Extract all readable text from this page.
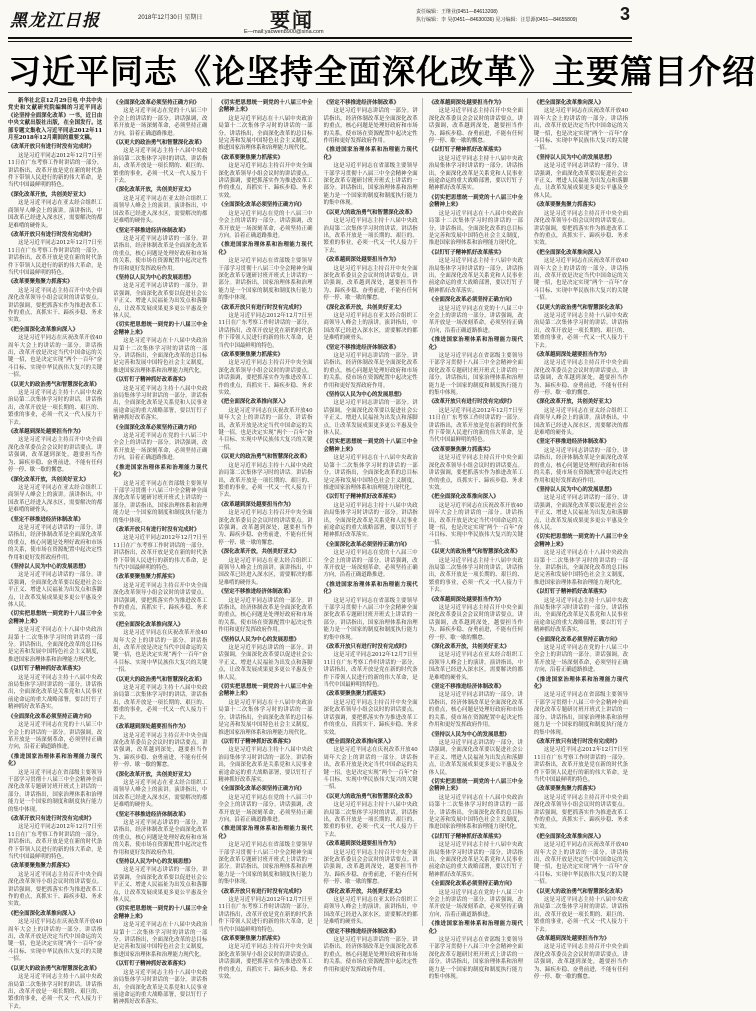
黑龙江日报	2018年12月30日 星期日	要闻
E—mail:yaowen8900@sina.com
责任编辑：王继业(0451—84613208)
执行编辑：李 昊(0451—84630036) 见习编辑：汪思源(0451—84655809)	3
习近平同志《论坚持全面深化改革》主要篇目介绍

新华社北京12月29日电 中共中央党史和文献研究院编辑的习近平同志《论坚持全面深化改革》一书，近日由中央文献出版社出版，在全国发行。这部专题文集收入习近平同志2012年11月至2018年12月期间的重要文稿。

《改革开放只有进行时没有完成时》

这是习近平同志2012年12月7日至11日在广东考察工作时讲话的一部分。讲话指出，改革开放是党在新的时代条件下带领人民进行的新的伟大革命，是当代中国最鲜明的特色。

《深化改革开放，共创美好亚太》

这是习近平同志在亚太经合组织工商领导人峰会上的演讲。演讲指出，中国改革已经进入深水区，需要解决的都是难啃的硬骨头。

《改革开放只有进行时没有完成时》

这是习近平同志2012年12月7日至11日在广东考察工作时讲话的一部分。讲话指出，改革开放是党在新的时代条件下带领人民进行的新的伟大革命，是当代中国最鲜明的特色。

《改革要聚焦聚力抓落实》

这是习近平同志主持召开中央全面深化改革领导小组会议时的讲话要点。讲话强调，要把抓落实作为推进改革工作的重点，真抓实干、蹄疾步稳、务求实效。

《把全面深化改革推向深入》

这是习近平同志在庆祝改革开放40周年大会上的讲话的一部分。讲话指出，改革开放是决定当代中国命运的关键一招，也是决定实现“两个一百年”奋斗目标、实现中华民族伟大复兴的关键一招。

《以更大的政治勇气和智慧深化改革》

这是习近平同志主持十八届中央政治局第二次集体学习时的讲话。讲话指出，改革开放是一项长期的、艰巨的、繁重的事业，必须一代又一代人接力干下去。

《改革越到深处越要担当作为》

这是习近平同志主持召开中央全面深化改革委员会会议时的讲话要点。讲话强调，改革越到深处，越要担当作为、蹄疾步稳、奋勇前进，不能有任何停一停、歇一歇的懈怠。

《深化改革开放，共创美好亚太》

这是习近平同志在亚太经合组织工商领导人峰会上的演讲。演讲指出，中国改革已经进入深水区，需要解决的都是难啃的硬骨头。

《坚定不移推进经济体制改革》

这是习近平同志讲话的一部分。讲话指出，经济体制改革是全面深化改革的重点，核心问题是处理好政府和市场的关系，使市场在资源配置中起决定性作用和更好发挥政府作用。

《坚持以人民为中心的发展思想》

这是习近平同志讲话的一部分。讲话强调，全面深化改革要以促进社会公平正义、增进人民福祉为出发点和落脚点，让改革发展成果更多更公平惠及全体人民。

《切实把思想统一到党的十八届三中全会精神上来》

这是习近平同志在十八届中央政治局第十二次集体学习时的讲话的一部分。讲话指出，全面深化改革的总目标是完善和发展中国特色社会主义制度，推进国家治理体系和治理能力现代化。

《以钉钉子精神抓好改革落实》

这是习近平同志主持十八届中央政治局集体学习时讲话的一部分。讲话指出，全面深化改革是关系党和人民事业前途命运的重大战略部署，要以钉钉子精神抓好改革落实。

《全面深化改革必须坚持正确方向》

这是习近平同志在党的十八届三中全会上的讲话的一部分。讲话强调，改革开放是一场深刻革命，必须坚持正确方向，沿着正确道路推进。

《推进国家治理体系和治理能力现代化》

这是习近平同志在省部级主要领导干部学习贯彻十八届三中全会精神全面深化改革专题研讨班开班式上讲话的一部分。讲话指出，国家治理体系和治理能力是一个国家的制度和制度执行能力的集中体现。

《改革开放只有进行时没有完成时》

这是习近平同志2012年12月7日至11日在广东考察工作时讲话的一部分。讲话指出，改革开放是党在新的时代条件下带领人民进行的新的伟大革命，是当代中国最鲜明的特色。

《改革要聚焦聚力抓落实》

这是习近平同志主持召开中央全面深化改革领导小组会议时的讲话要点。讲话强调，要把抓落实作为推进改革工作的重点，真抓实干、蹄疾步稳、务求实效。

《把全面深化改革推向深入》

这是习近平同志在庆祝改革开放40周年大会上的讲话的一部分。讲话指出，改革开放是决定当代中国命运的关键一招，也是决定实现“两个一百年”奋斗目标、实现中华民族伟大复兴的关键一招。

《以更大的政治勇气和智慧深化改革》

这是习近平同志主持十八届中央政治局第二次集体学习时的讲话。讲话指出，改革开放是一项长期的、艰巨的、繁重的事业，必须一代又一代人接力干下去。

《全面深化改革必须坚持正确方向》

这是习近平同志在党的十八届三中全会上的讲话的一部分。讲话强调，改革开放是一场深刻革命，必须坚持正确方向，沿着正确道路推进。

《以更大的政治勇气和智慧深化改革》

这是习近平同志主持十八届中央政治局第二次集体学习时的讲话。讲话指出，改革开放是一项长期的、艰巨的、繁重的事业，必须一代又一代人接力干下去。

《深化改革开放，共创美好亚太》

这是习近平同志在亚太经合组织工商领导人峰会上的演讲。演讲指出，中国改革已经进入深水区，需要解决的都是难啃的硬骨头。

《坚定不移推进经济体制改革》

这是习近平同志讲话的一部分。讲话指出，经济体制改革是全面深化改革的重点，核心问题是处理好政府和市场的关系，使市场在资源配置中起决定性作用和更好发挥政府作用。

《坚持以人民为中心的发展思想》

这是习近平同志讲话的一部分。讲话强调，全面深化改革要以促进社会公平正义、增进人民福祉为出发点和落脚点，让改革发展成果更多更公平惠及全体人民。

《切实把思想统一到党的十八届三中全会精神上来》

这是习近平同志在十八届中央政治局第十二次集体学习时的讲话的一部分。讲话指出，全面深化改革的总目标是完善和发展中国特色社会主义制度，推进国家治理体系和治理能力现代化。

《以钉钉子精神抓好改革落实》

这是习近平同志主持十八届中央政治局集体学习时讲话的一部分。讲话指出，全面深化改革是关系党和人民事业前途命运的重大战略部署，要以钉钉子精神抓好改革落实。

《全面深化改革必须坚持正确方向》

这是习近平同志在党的十八届三中全会上的讲话的一部分。讲话强调，改革开放是一场深刻革命，必须坚持正确方向，沿着正确道路推进。

《推进国家治理体系和治理能力现代化》

这是习近平同志在省部级主要领导干部学习贯彻十八届三中全会精神全面深化改革专题研讨班开班式上讲话的一部分。讲话指出，国家治理体系和治理能力是一个国家的制度和制度执行能力的集中体现。

《改革开放只有进行时没有完成时》

这是习近平同志2012年12月7日至11日在广东考察工作时讲话的一部分。讲话指出，改革开放是党在新的时代条件下带领人民进行的新的伟大革命，是当代中国最鲜明的特色。

《改革要聚焦聚力抓落实》

这是习近平同志主持召开中央全面深化改革领导小组会议时的讲话要点。讲话强调，要把抓落实作为推进改革工作的重点，真抓实干、蹄疾步稳、务求实效。

《把全面深化改革推向深入》

这是习近平同志在庆祝改革开放40周年大会上的讲话的一部分。讲话指出，改革开放是决定当代中国命运的关键一招，也是决定实现“两个一百年”奋斗目标、实现中华民族伟大复兴的关键一招。

《以更大的政治勇气和智慧深化改革》

这是习近平同志主持十八届中央政治局第二次集体学习时的讲话。讲话指出，改革开放是一项长期的、艰巨的、繁重的事业，必须一代又一代人接力干下去。

《改革越到深处越要担当作为》

这是习近平同志主持召开中央全面深化改革委员会会议时的讲话要点。讲话强调，改革越到深处，越要担当作为、蹄疾步稳、奋勇前进，不能有任何停一停、歇一歇的懈怠。

《深化改革开放，共创美好亚太》

这是习近平同志在亚太经合组织工商领导人峰会上的演讲。演讲指出，中国改革已经进入深水区，需要解决的都是难啃的硬骨头。

《坚定不移推进经济体制改革》

这是习近平同志讲话的一部分。讲话指出，经济体制改革是全面深化改革的重点，核心问题是处理好政府和市场的关系，使市场在资源配置中起决定性作用和更好发挥政府作用。

《坚持以人民为中心的发展思想》

这是习近平同志讲话的一部分。讲话强调，全面深化改革要以促进社会公平正义、增进人民福祉为出发点和落脚点，让改革发展成果更多更公平惠及全体人民。

《切实把思想统一到党的十八届三中全会精神上来》

这是习近平同志在十八届中央政治局第十二次集体学习时的讲话的一部分。讲话指出，全面深化改革的总目标是完善和发展中国特色社会主义制度，推进国家治理体系和治理能力现代化。

《以钉钉子精神抓好改革落实》

这是习近平同志主持十八届中央政治局集体学习时讲话的一部分。讲话指出，全面深化改革是关系党和人民事业前途命运的重大战略部署，要以钉钉子精神抓好改革落实。

《切实把思想统一到党的十八届三中全会精神上来》

这是习近平同志在十八届中央政治局第十二次集体学习时的讲话的一部分。讲话指出，全面深化改革的总目标是完善和发展中国特色社会主义制度，推进国家治理体系和治理能力现代化。

《改革要聚焦聚力抓落实》

这是习近平同志主持召开中央全面深化改革领导小组会议时的讲话要点。讲话强调，要把抓落实作为推进改革工作的重点，真抓实干、蹄疾步稳、务求实效。

《全面深化改革必须坚持正确方向》

这是习近平同志在党的十八届三中全会上的讲话的一部分。讲话强调，改革开放是一场深刻革命，必须坚持正确方向，沿着正确道路推进。

《推进国家治理体系和治理能力现代化》

这是习近平同志在省部级主要领导干部学习贯彻十八届三中全会精神全面深化改革专题研讨班开班式上讲话的一部分。讲话指出，国家治理体系和治理能力是一个国家的制度和制度执行能力的集中体现。

《改革开放只有进行时没有完成时》

这是习近平同志2012年12月7日至11日在广东考察工作时讲话的一部分。讲话指出，改革开放是党在新的时代条件下带领人民进行的新的伟大革命，是当代中国最鲜明的特色。

《改革要聚焦聚力抓落实》

这是习近平同志主持召开中央全面深化改革领导小组会议时的讲话要点。讲话强调，要把抓落实作为推进改革工作的重点，真抓实干、蹄疾步稳、务求实效。

《把全面深化改革推向深入》

这是习近平同志在庆祝改革开放40周年大会上的讲话的一部分。讲话指出，改革开放是决定当代中国命运的关键一招，也是决定实现“两个一百年”奋斗目标、实现中华民族伟大复兴的关键一招。

《以更大的政治勇气和智慧深化改革》

这是习近平同志主持十八届中央政治局第二次集体学习时的讲话。讲话指出，改革开放是一项长期的、艰巨的、繁重的事业，必须一代又一代人接力干下去。

《改革越到深处越要担当作为》

这是习近平同志主持召开中央全面深化改革委员会会议时的讲话要点。讲话强调，改革越到深处，越要担当作为、蹄疾步稳、奋勇前进，不能有任何停一停、歇一歇的懈怠。

《深化改革开放，共创美好亚太》

这是习近平同志在亚太经合组织工商领导人峰会上的演讲。演讲指出，中国改革已经进入深水区，需要解决的都是难啃的硬骨头。

《坚定不移推进经济体制改革》

这是习近平同志讲话的一部分。讲话指出，经济体制改革是全面深化改革的重点，核心问题是处理好政府和市场的关系，使市场在资源配置中起决定性作用和更好发挥政府作用。

《坚持以人民为中心的发展思想》

这是习近平同志讲话的一部分。讲话强调，全面深化改革要以促进社会公平正义、增进人民福祉为出发点和落脚点，让改革发展成果更多更公平惠及全体人民。

《切实把思想统一到党的十八届三中全会精神上来》

这是习近平同志在十八届中央政治局第十二次集体学习时的讲话的一部分。讲话指出，全面深化改革的总目标是完善和发展中国特色社会主义制度，推进国家治理体系和治理能力现代化。

《以钉钉子精神抓好改革落实》

这是习近平同志主持十八届中央政治局集体学习时讲话的一部分。讲话指出，全面深化改革是关系党和人民事业前途命运的重大战略部署，要以钉钉子精神抓好改革落实。

《全面深化改革必须坚持正确方向》

这是习近平同志在党的十八届三中全会上的讲话的一部分。讲话强调，改革开放是一场深刻革命，必须坚持正确方向，沿着正确道路推进。

《推进国家治理体系和治理能力现代化》

这是习近平同志在省部级主要领导干部学习贯彻十八届三中全会精神全面深化改革专题研讨班开班式上讲话的一部分。讲话指出，国家治理体系和治理能力是一个国家的制度和制度执行能力的集中体现。

《改革开放只有进行时没有完成时》

这是习近平同志2012年12月7日至11日在广东考察工作时讲话的一部分。讲话指出，改革开放是党在新的时代条件下带领人民进行的新的伟大革命，是当代中国最鲜明的特色。

《改革要聚焦聚力抓落实》

这是习近平同志主持召开中央全面深化改革领导小组会议时的讲话要点。讲话强调，要把抓落实作为推进改革工作的重点，真抓实干、蹄疾步稳、务求实效。

《坚定不移推进经济体制改革》

这是习近平同志讲话的一部分。讲话指出，经济体制改革是全面深化改革的重点，核心问题是处理好政府和市场的关系，使市场在资源配置中起决定性作用和更好发挥政府作用。

《推进国家治理体系和治理能力现代化》

这是习近平同志在省部级主要领导干部学习贯彻十八届三中全会精神全面深化改革专题研讨班开班式上讲话的一部分。讲话指出，国家治理体系和治理能力是一个国家的制度和制度执行能力的集中体现。

《以更大的政治勇气和智慧深化改革》

这是习近平同志主持十八届中央政治局第二次集体学习时的讲话。讲话指出，改革开放是一项长期的、艰巨的、繁重的事业，必须一代又一代人接力干下去。

《改革越到深处越要担当作为》

这是习近平同志主持召开中央全面深化改革委员会会议时的讲话要点。讲话强调，改革越到深处，越要担当作为、蹄疾步稳、奋勇前进，不能有任何停一停、歇一歇的懈怠。

《深化改革开放，共创美好亚太》

这是习近平同志在亚太经合组织工商领导人峰会上的演讲。演讲指出，中国改革已经进入深水区，需要解决的都是难啃的硬骨头。

《坚定不移推进经济体制改革》

这是习近平同志讲话的一部分。讲话指出，经济体制改革是全面深化改革的重点，核心问题是处理好政府和市场的关系，使市场在资源配置中起决定性作用和更好发挥政府作用。

《坚持以人民为中心的发展思想》

这是习近平同志讲话的一部分。讲话强调，全面深化改革要以促进社会公平正义、增进人民福祉为出发点和落脚点，让改革发展成果更多更公平惠及全体人民。

《切实把思想统一到党的十八届三中全会精神上来》

这是习近平同志在十八届中央政治局第十二次集体学习时的讲话的一部分。讲话指出，全面深化改革的总目标是完善和发展中国特色社会主义制度，推进国家治理体系和治理能力现代化。

《以钉钉子精神抓好改革落实》

这是习近平同志主持十八届中央政治局集体学习时讲话的一部分。讲话指出，全面深化改革是关系党和人民事业前途命运的重大战略部署，要以钉钉子精神抓好改革落实。

《全面深化改革必须坚持正确方向》

这是习近平同志在党的十八届三中全会上的讲话的一部分。讲话强调，改革开放是一场深刻革命，必须坚持正确方向，沿着正确道路推进。

《推进国家治理体系和治理能力现代化》

这是习近平同志在省部级主要领导干部学习贯彻十八届三中全会精神全面深化改革专题研讨班开班式上讲话的一部分。讲话指出，国家治理体系和治理能力是一个国家的制度和制度执行能力的集中体现。

《改革开放只有进行时没有完成时》

这是习近平同志2012年12月7日至11日在广东考察工作时讲话的一部分。讲话指出，改革开放是党在新的时代条件下带领人民进行的新的伟大革命，是当代中国最鲜明的特色。

《改革要聚焦聚力抓落实》

这是习近平同志主持召开中央全面深化改革领导小组会议时的讲话要点。讲话强调，要把抓落实作为推进改革工作的重点，真抓实干、蹄疾步稳、务求实效。

《把全面深化改革推向深入》

这是习近平同志在庆祝改革开放40周年大会上的讲话的一部分。讲话指出，改革开放是决定当代中国命运的关键一招，也是决定实现“两个一百年”奋斗目标、实现中华民族伟大复兴的关键一招。

《以更大的政治勇气和智慧深化改革》

这是习近平同志主持十八届中央政治局第二次集体学习时的讲话。讲话指出，改革开放是一项长期的、艰巨的、繁重的事业，必须一代又一代人接力干下去。

《改革越到深处越要担当作为》

这是习近平同志主持召开中央全面深化改革委员会会议时的讲话要点。讲话强调，改革越到深处，越要担当作为、蹄疾步稳、奋勇前进，不能有任何停一停、歇一歇的懈怠。

《深化改革开放，共创美好亚太》

这是习近平同志在亚太经合组织工商领导人峰会上的演讲。演讲指出，中国改革已经进入深水区，需要解决的都是难啃的硬骨头。

《坚定不移推进经济体制改革》

这是习近平同志讲话的一部分。讲话指出，经济体制改革是全面深化改革的重点，核心问题是处理好政府和市场的关系，使市场在资源配置中起决定性作用和更好发挥政府作用。

《改革越到深处越要担当作为》

这是习近平同志主持召开中央全面深化改革委员会会议时的讲话要点。讲话强调，改革越到深处，越要担当作为、蹄疾步稳、奋勇前进，不能有任何停一停、歇一歇的懈怠。

《以钉钉子精神抓好改革落实》

这是习近平同志主持十八届中央政治局集体学习时讲话的一部分。讲话指出，全面深化改革是关系党和人民事业前途命运的重大战略部署，要以钉钉子精神抓好改革落实。

《切实把思想统一到党的十八届三中全会精神上来》

这是习近平同志在十八届中央政治局第十二次集体学习时的讲话的一部分。讲话指出，全面深化改革的总目标是完善和发展中国特色社会主义制度，推进国家治理体系和治理能力现代化。

《以钉钉子精神抓好改革落实》

这是习近平同志主持十八届中央政治局集体学习时讲话的一部分。讲话指出，全面深化改革是关系党和人民事业前途命运的重大战略部署，要以钉钉子精神抓好改革落实。

《全面深化改革必须坚持正确方向》

这是习近平同志在党的十八届三中全会上的讲话的一部分。讲话强调，改革开放是一场深刻革命，必须坚持正确方向，沿着正确道路推进。

《推进国家治理体系和治理能力现代化》

这是习近平同志在省部级主要领导干部学习贯彻十八届三中全会精神全面深化改革专题研讨班开班式上讲话的一部分。讲话指出，国家治理体系和治理能力是一个国家的制度和制度执行能力的集中体现。

《改革开放只有进行时没有完成时》

这是习近平同志2012年12月7日至11日在广东考察工作时讲话的一部分。讲话指出，改革开放是党在新的时代条件下带领人民进行的新的伟大革命，是当代中国最鲜明的特色。

《改革要聚焦聚力抓落实》

这是习近平同志主持召开中央全面深化改革领导小组会议时的讲话要点。讲话强调，要把抓落实作为推进改革工作的重点，真抓实干、蹄疾步稳、务求实效。

《把全面深化改革推向深入》

这是习近平同志在庆祝改革开放40周年大会上的讲话的一部分。讲话指出，改革开放是决定当代中国命运的关键一招，也是决定实现“两个一百年”奋斗目标、实现中华民族伟大复兴的关键一招。

《以更大的政治勇气和智慧深化改革》

这是习近平同志主持十八届中央政治局第二次集体学习时的讲话。讲话指出，改革开放是一项长期的、艰巨的、繁重的事业，必须一代又一代人接力干下去。

《改革越到深处越要担当作为》

这是习近平同志主持召开中央全面深化改革委员会会议时的讲话要点。讲话强调，改革越到深处，越要担当作为、蹄疾步稳、奋勇前进，不能有任何停一停、歇一歇的懈怠。

《深化改革开放，共创美好亚太》

这是习近平同志在亚太经合组织工商领导人峰会上的演讲。演讲指出，中国改革已经进入深水区，需要解决的都是难啃的硬骨头。

《坚定不移推进经济体制改革》

这是习近平同志讲话的一部分。讲话指出，经济体制改革是全面深化改革的重点，核心问题是处理好政府和市场的关系，使市场在资源配置中起决定性作用和更好发挥政府作用。

《坚持以人民为中心的发展思想》

这是习近平同志讲话的一部分。讲话强调，全面深化改革要以促进社会公平正义、增进人民福祉为出发点和落脚点，让改革发展成果更多更公平惠及全体人民。

《切实把思想统一到党的十八届三中全会精神上来》

这是习近平同志在十八届中央政治局第十二次集体学习时的讲话的一部分。讲话指出，全面深化改革的总目标是完善和发展中国特色社会主义制度，推进国家治理体系和治理能力现代化。

《以钉钉子精神抓好改革落实》

这是习近平同志主持十八届中央政治局集体学习时讲话的一部分。讲话指出，全面深化改革是关系党和人民事业前途命运的重大战略部署，要以钉钉子精神抓好改革落实。

《全面深化改革必须坚持正确方向》

这是习近平同志在党的十八届三中全会上的讲话的一部分。讲话强调，改革开放是一场深刻革命，必须坚持正确方向，沿着正确道路推进。

《推进国家治理体系和治理能力现代化》

这是习近平同志在省部级主要领导干部学习贯彻十八届三中全会精神全面深化改革专题研讨班开班式上讲话的一部分。讲话指出，国家治理体系和治理能力是一个国家的制度和制度执行能力的集中体现。

《把全面深化改革推向深入》

这是习近平同志在庆祝改革开放40周年大会上的讲话的一部分。讲话指出，改革开放是决定当代中国命运的关键一招，也是决定实现“两个一百年”奋斗目标、实现中华民族伟大复兴的关键一招。

《坚持以人民为中心的发展思想》

这是习近平同志讲话的一部分。讲话强调，全面深化改革要以促进社会公平正义、增进人民福祉为出发点和落脚点，让改革发展成果更多更公平惠及全体人民。

《改革要聚焦聚力抓落实》

这是习近平同志主持召开中央全面深化改革领导小组会议时的讲话要点。讲话强调，要把抓落实作为推进改革工作的重点，真抓实干、蹄疾步稳、务求实效。

《把全面深化改革推向深入》

这是习近平同志在庆祝改革开放40周年大会上的讲话的一部分。讲话指出，改革开放是决定当代中国命运的关键一招，也是决定实现“两个一百年”奋斗目标、实现中华民族伟大复兴的关键一招。

《以更大的政治勇气和智慧深化改革》

这是习近平同志主持十八届中央政治局第二次集体学习时的讲话。讲话指出，改革开放是一项长期的、艰巨的、繁重的事业，必须一代又一代人接力干下去。

《改革越到深处越要担当作为》

这是习近平同志主持召开中央全面深化改革委员会会议时的讲话要点。讲话强调，改革越到深处，越要担当作为、蹄疾步稳、奋勇前进，不能有任何停一停、歇一歇的懈怠。

《深化改革开放，共创美好亚太》

这是习近平同志在亚太经合组织工商领导人峰会上的演讲。演讲指出，中国改革已经进入深水区，需要解决的都是难啃的硬骨头。

《坚定不移推进经济体制改革》

这是习近平同志讲话的一部分。讲话指出，经济体制改革是全面深化改革的重点，核心问题是处理好政府和市场的关系，使市场在资源配置中起决定性作用和更好发挥政府作用。

《坚持以人民为中心的发展思想》

这是习近平同志讲话的一部分。讲话强调，全面深化改革要以促进社会公平正义、增进人民福祉为出发点和落脚点，让改革发展成果更多更公平惠及全体人民。

《切实把思想统一到党的十八届三中全会精神上来》

这是习近平同志在十八届中央政治局第十二次集体学习时的讲话的一部分。讲话指出，全面深化改革的总目标是完善和发展中国特色社会主义制度，推进国家治理体系和治理能力现代化。

《以钉钉子精神抓好改革落实》

这是习近平同志主持十八届中央政治局集体学习时讲话的一部分。讲话指出，全面深化改革是关系党和人民事业前途命运的重大战略部署，要以钉钉子精神抓好改革落实。

《全面深化改革必须坚持正确方向》

这是习近平同志在党的十八届三中全会上的讲话的一部分。讲话强调，改革开放是一场深刻革命，必须坚持正确方向，沿着正确道路推进。

《推进国家治理体系和治理能力现代化》

这是习近平同志在省部级主要领导干部学习贯彻十八届三中全会精神全面深化改革专题研讨班开班式上讲话的一部分。讲话指出，国家治理体系和治理能力是一个国家的制度和制度执行能力的集中体现。

《改革开放只有进行时没有完成时》

这是习近平同志2012年12月7日至11日在广东考察工作时讲话的一部分。讲话指出，改革开放是党在新的时代条件下带领人民进行的新的伟大革命，是当代中国最鲜明的特色。

《改革要聚焦聚力抓落实》

这是习近平同志主持召开中央全面深化改革领导小组会议时的讲话要点。讲话强调，要把抓落实作为推进改革工作的重点，真抓实干、蹄疾步稳、务求实效。

《把全面深化改革推向深入》

这是习近平同志在庆祝改革开放40周年大会上的讲话的一部分。讲话指出，改革开放是决定当代中国命运的关键一招，也是决定实现“两个一百年”奋斗目标、实现中华民族伟大复兴的关键一招。

《以更大的政治勇气和智慧深化改革》

这是习近平同志主持十八届中央政治局第二次集体学习时的讲话。讲话指出，改革开放是一项长期的、艰巨的、繁重的事业，必须一代又一代人接力干下去。

《改革越到深处越要担当作为》

这是习近平同志主持召开中央全面深化改革委员会会议时的讲话要点。讲话强调，改革越到深处，越要担当作为、蹄疾步稳、奋勇前进，不能有任何停一停、歇一歇的懈怠。
